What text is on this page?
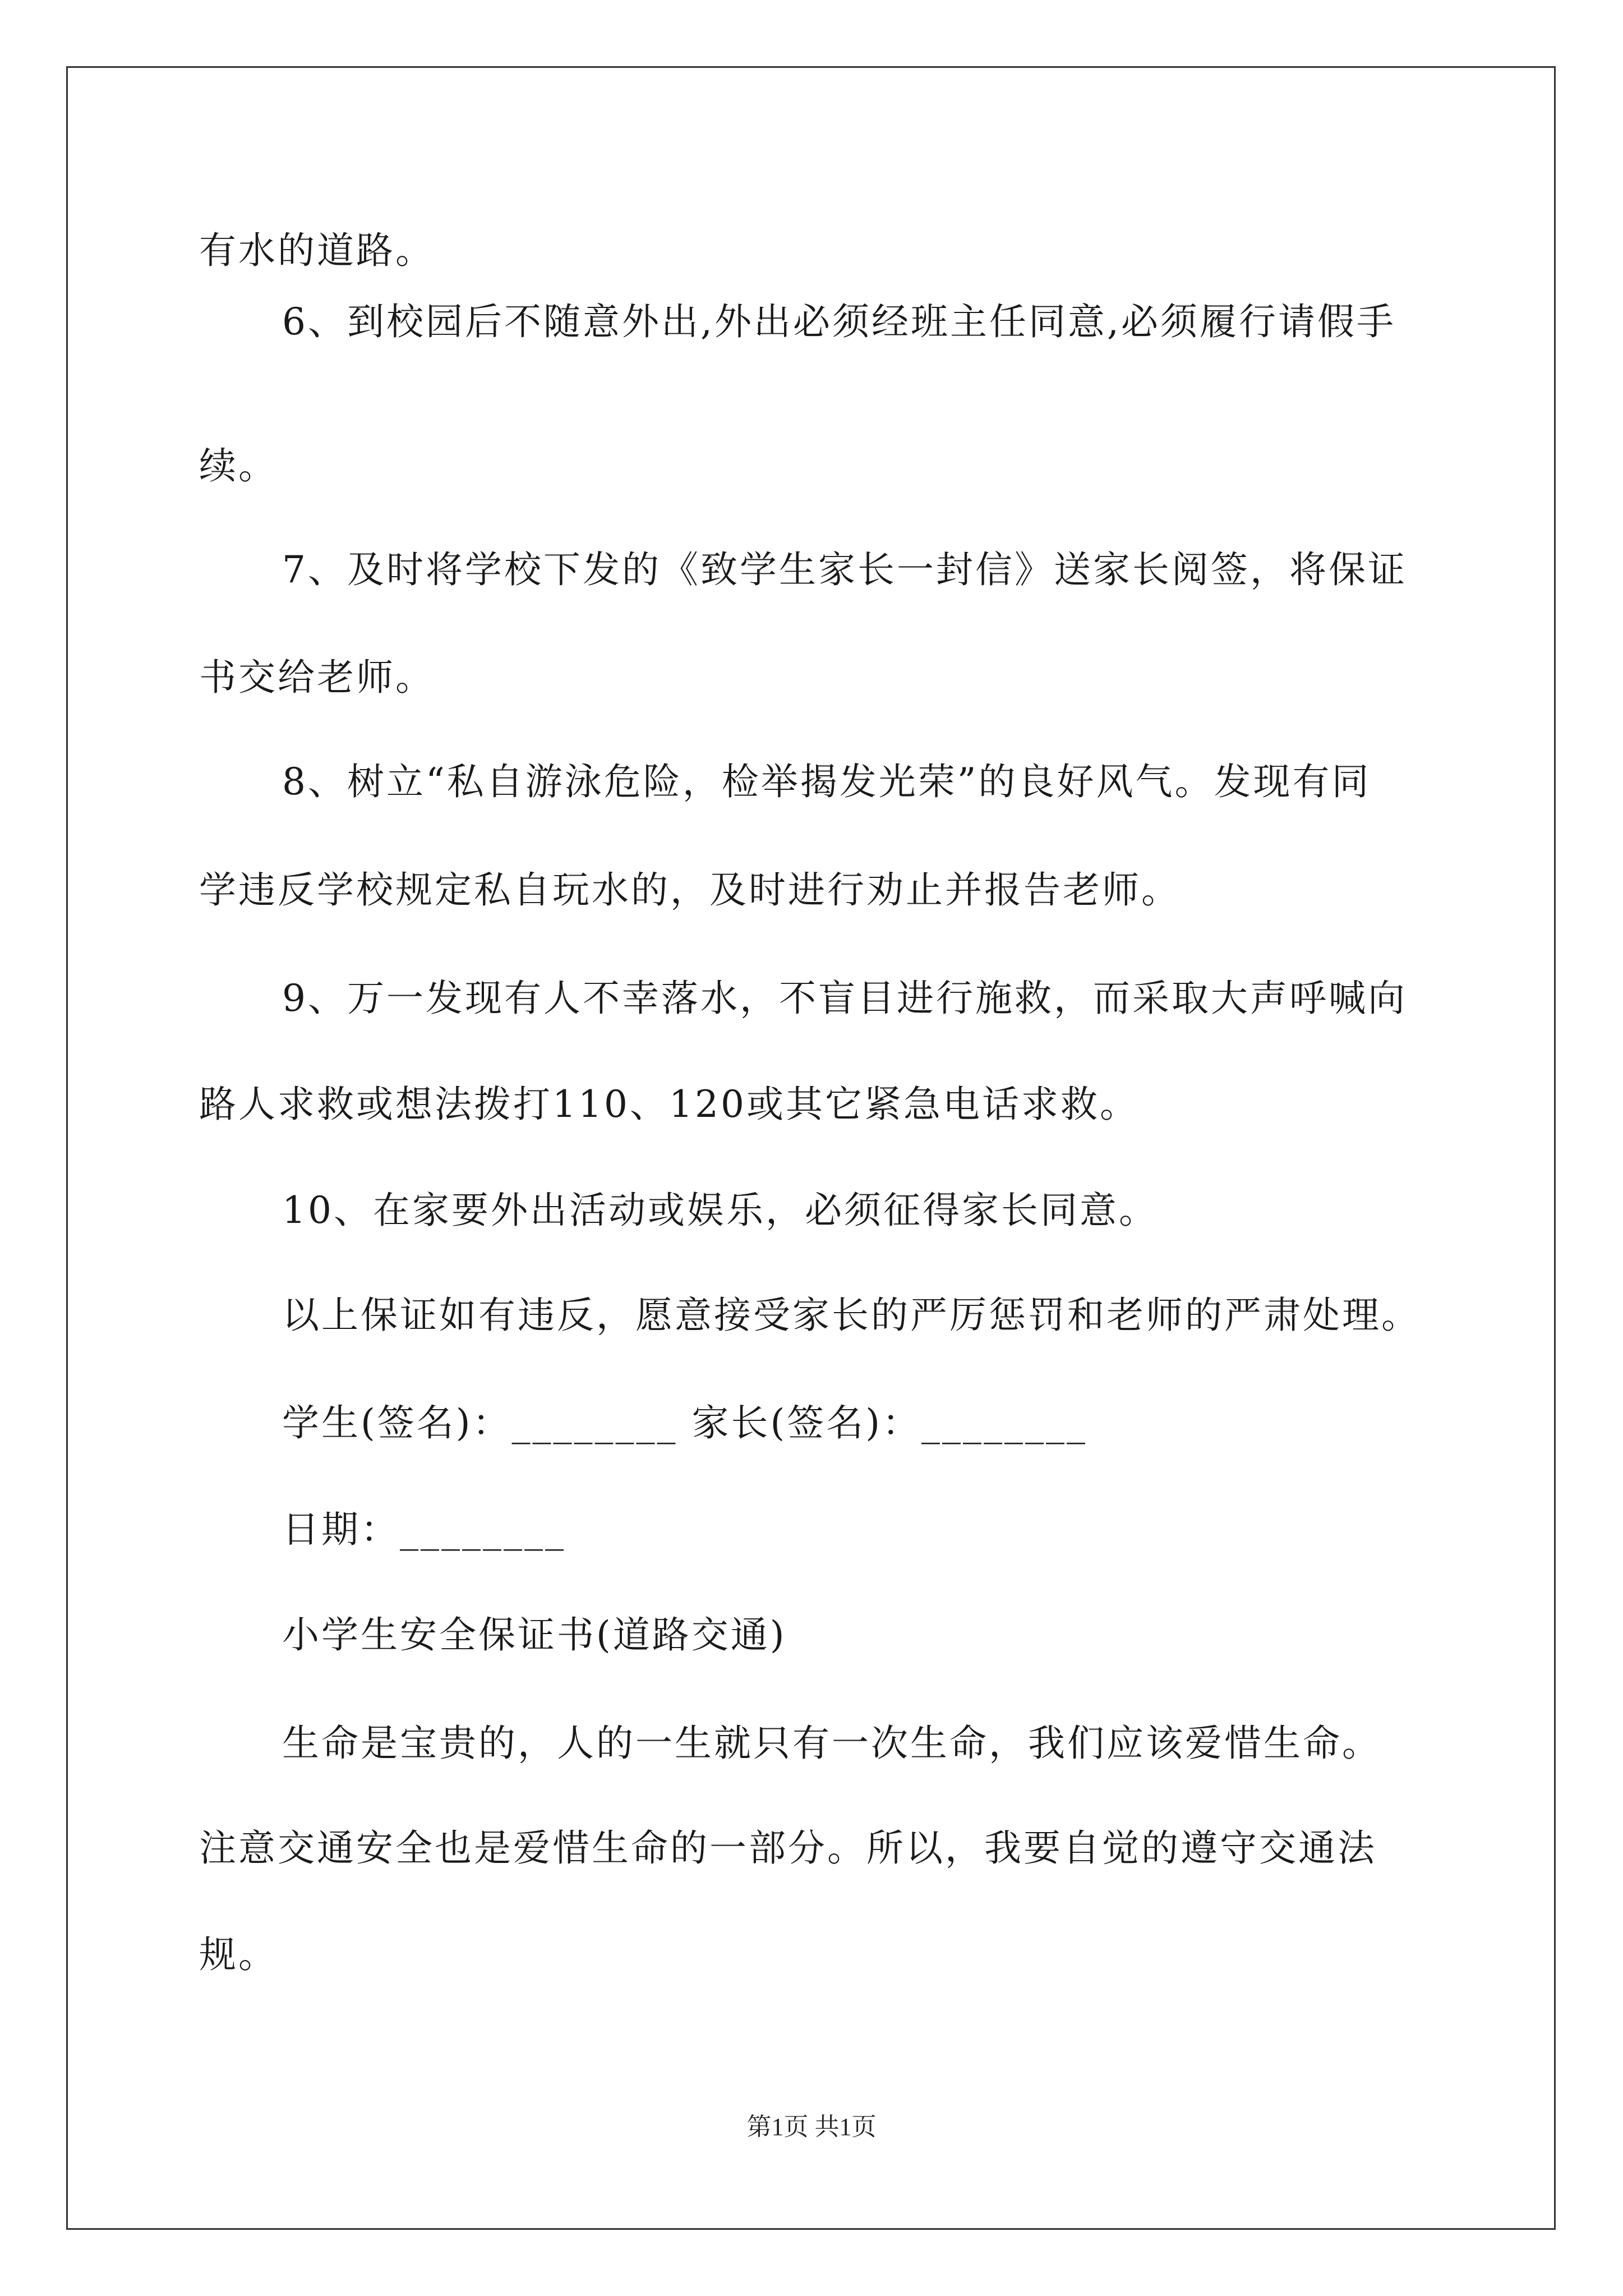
有水的道路。
6、到校园后不随意外出,外出必须经班主任同意,必须履行请假手
续。
7、及时将学校下发的《致学生家长一封信》送家长阅签，将保证
书交给老师。
8、树立“私自游泳危险，检举揭发光荣”的良好风气。发现有同
学违反学校规定私自玩水的，及时进行劝止并报告老师。
9、万一发现有人不幸落水，不盲目进行施救，而采取大声呼喊向
路人求救或想法拨打110、120或其它紧急电话求救。
10、在家要外出活动或娱乐，必须征得家长同意。
以上保证如有违反，愿意接受家长的严厉惩罚和老师的严肃处理。
学生(签名)：________ 家长(签名)：________
日期：________
小学生安全保证书(道路交通)
生命是宝贵的，人的一生就只有一次生命，我们应该爱惜生命。
注意交通安全也是爱惜生命的一部分。所以，我要自觉的遵守交通法
规。
第1页 共1页
